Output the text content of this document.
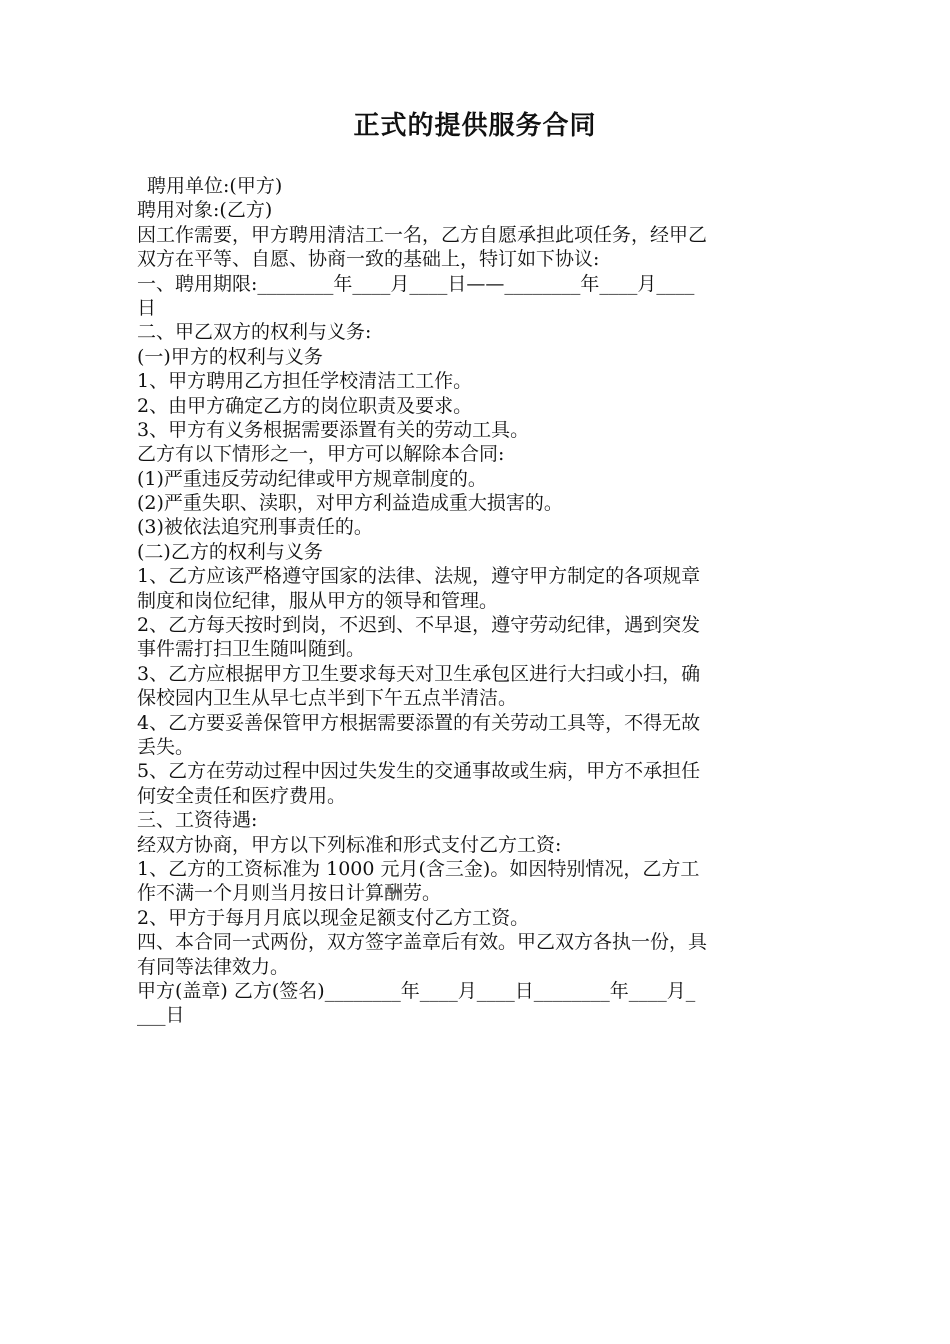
正式的提供服务合同
聘用单位:(甲方)
聘用对象:(乙方)
因工作需要，甲方聘用清洁工一名，乙方自愿承担此项任务，经甲乙
双方在平等、自愿、协商一致的基础上，特订如下协议:
一、聘用期限:________年____月____日——________年____月____
日
二、甲乙双方的权利与义务:
(一)甲方的权利与义务
1、甲方聘用乙方担任学校清洁工工作。
2、由甲方确定乙方的岗位职责及要求。
3、甲方有义务根据需要添置有关的劳动工具。
乙方有以下情形之一，甲方可以解除本合同:
(1)严重违反劳动纪律或甲方规章制度的。
(2)严重失职、渎职，对甲方利益造成重大损害的。
(3)被依法追究刑事责任的。
(二)乙方的权利与义务
1、乙方应该严格遵守国家的法律、法规，遵守甲方制定的各项规章
制度和岗位纪律，服从甲方的领导和管理。
2、乙方每天按时到岗，不迟到、不早退，遵守劳动纪律，遇到突发
事件需打扫卫生随叫随到。
3、乙方应根据甲方卫生要求每天对卫生承包区进行大扫或小扫，确
保校园内卫生从早七点半到下午五点半清洁。
4、乙方要妥善保管甲方根据需要添置的有关劳动工具等，不得无故
丢失。
5、乙方在劳动过程中因过失发生的交通事故或生病，甲方不承担任
何安全责任和医疗费用。
三、工资待遇:
经双方协商，甲方以下列标准和形式支付乙方工资:
1、乙方的工资标准为 1000 元月(含三金)。如因特别情况，乙方工
作不满一个月则当月按日计算酬劳。
2、甲方于每月月底以现金足额支付乙方工资。
四、本合同一式两份，双方签字盖章后有效。甲乙双方各执一份，具
有同等法律效力。
甲方(盖章) 乙方(签名)________年____月____日________年____月_
___日
